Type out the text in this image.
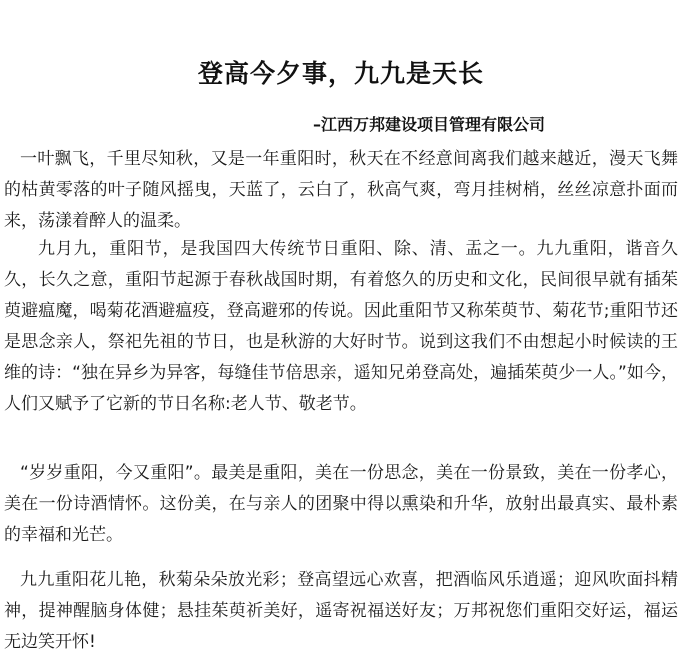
登高今夕事，九九是天长
–江西万邦建设项目管理有限公司

一叶飘飞，千里尽知秋，又是一年重阳时，秋天在不经意间离我们越来越近，漫天飞舞的枯黄零落的叶子随风摇曳，天蓝了，云白了，秋高气爽，弯月挂树梢，丝丝凉意扑面而来，荡漾着醉人的温柔。

九月九，重阳节，是我国四大传统节日重阳、除、清、盂之一。九九重阳，谐音久久，长久之意，重阳节起源于春秋战国时期，有着悠久的历史和文化，民间很早就有插茱萸避瘟魔，喝菊花酒避瘟疫，登高避邪的传说。因此重阳节又称茱萸节、菊花节;重阳节还是思念亲人，祭祀先祖的节日，也是秋游的大好时节。说到这我们不由想起小时候读的王维的诗：“独在异乡为异客，每缝佳节倍思亲，遥知兄弟登高处，遍插茱萸少一人。”如今，人们又赋予了它新的节日名称:老人节、敬老节。

“岁岁重阳，今又重阳”。最美是重阳，美在一份思念，美在一份景致，美在一份孝心，美在一份诗酒情怀。这份美，在与亲人的团聚中得以熏染和升华，放射出最真实、最朴素的幸福和光芒。

九九重阳花儿艳，秋菊朵朵放光彩；登高望远心欢喜，把酒临风乐逍遥；迎风吹面抖精神，提神醒脑身体健；悬挂茱萸祈美好，遥寄祝福送好友；万邦祝您们重阳交好运，福运无边笑开怀!
